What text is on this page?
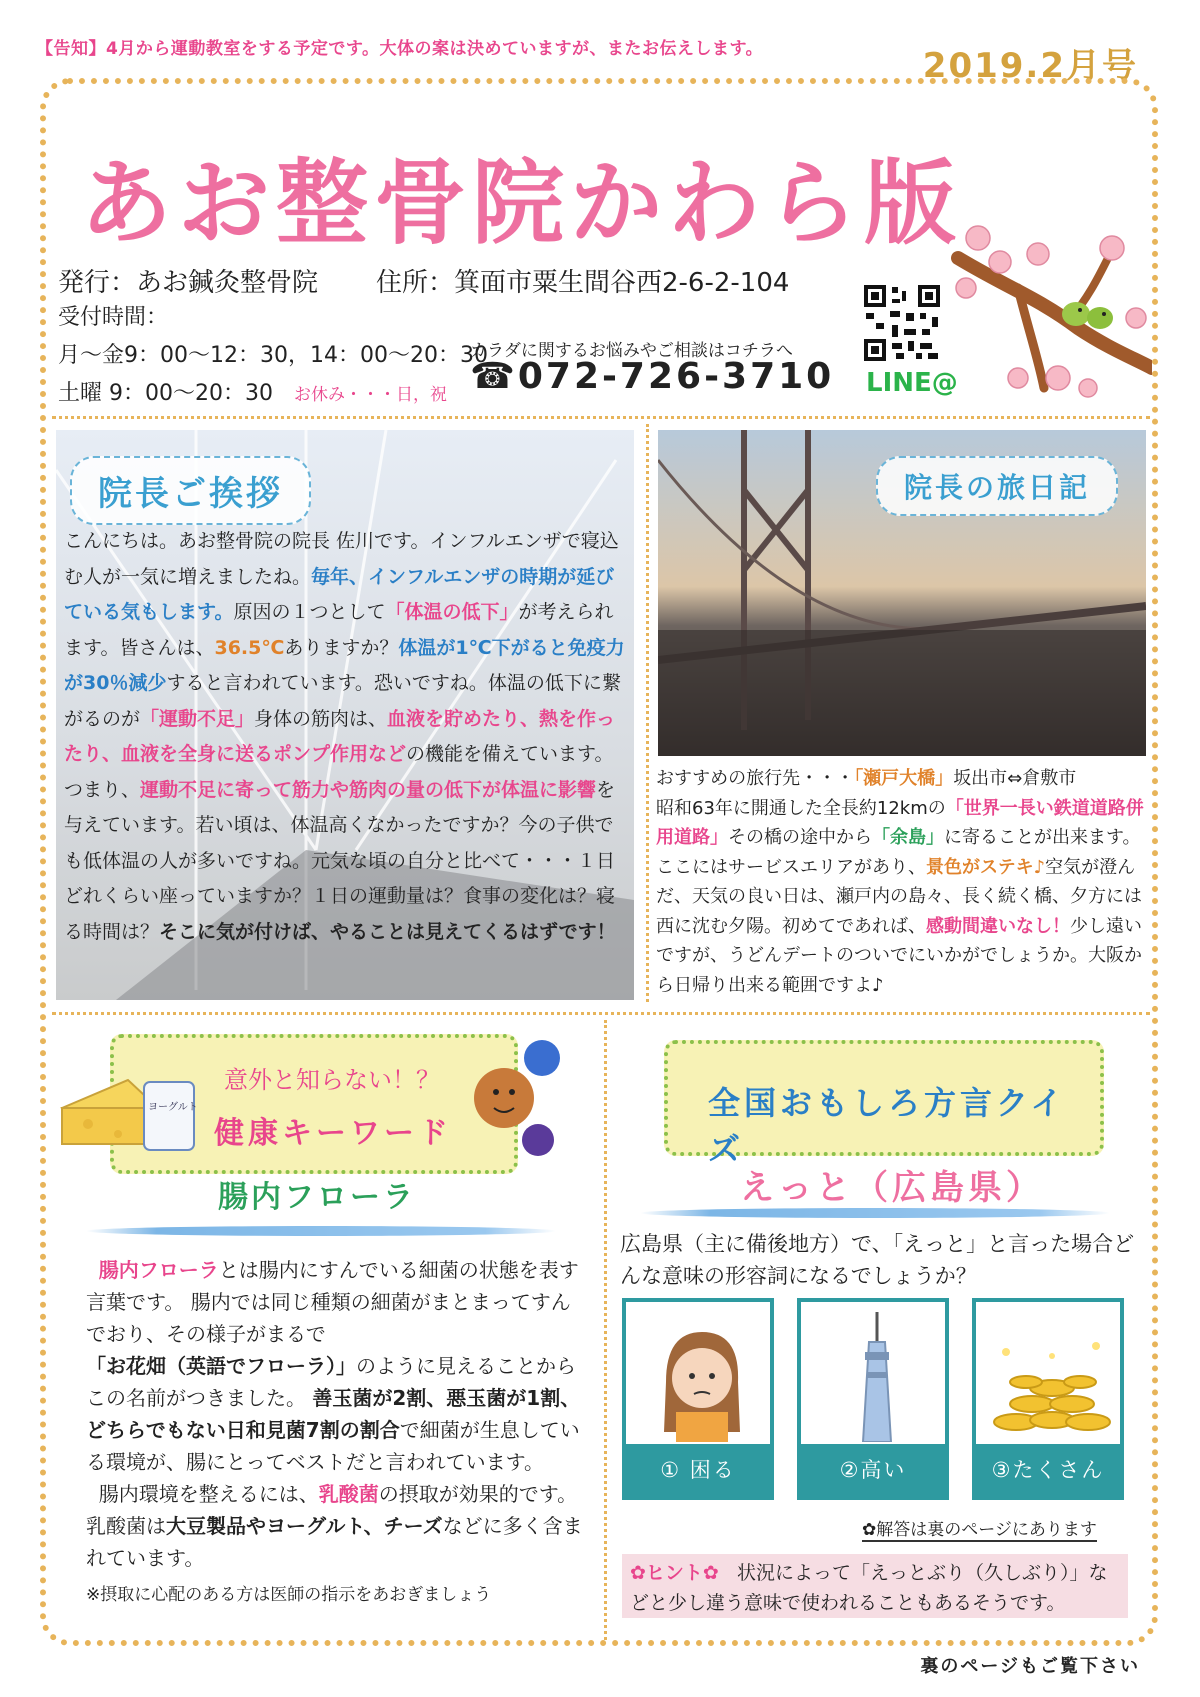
【告知】4月から運動教室をする予定です。大体の案は決めていますが、またお伝えします。	2019.2月号
あお整骨院かわら版
発行：あお鍼灸整骨院 住所：箕面市粟生間谷西2-6-2-104
受付時間：
月～金9：00～12：30，14：00～20：30
土曜 9：00～20：30 お休み・・・日，祝
カラダに関するお悩みやご相談はコチラへ
☎072-726-3710 LINE@
院長ご挨拶
こんにちは。あお整骨院の院長 佐川です。インフルエンザで寝込む人が一気に増えましたね。毎年、インフルエンザの時期が延びている気もします。原因の１つとして「体温の低下」が考えられます。皆さんは、36.5℃ありますか？体温が1℃下がると免疫力が30％減少すると言われています。恐いですね。体温の低下に繋がるのが「運動不足」身体の筋肉は、血液を貯めたり、熱を作ったり、血液を全身に送るポンプ作用などの機能を備えています。つまり、運動不足に寄って筋力や筋肉の量の低下が体温に影響を与えています。若い頃は、体温高くなかったですか？今の子供でも低体温の人が多いですね。元気な頃の自分と比べて・・・１日どれくらい座っていますか？１日の運動量は？食事の変化は？寝る時間は？そこに気が付けば、やることは見えてくるはずです！
院長の旅日記
おすすめの旅行先・・・「瀬戸大橋」坂出市⇔倉敷市
昭和63年に開通した全長約12kmの「世界一長い鉄道道路併用道路」その橋の途中から「余島」に寄ることが出来ます。ここにはサービスエリアがあり、景色がステキ♪空気が澄んだ、天気の良い日は、瀬戸内の島々、長く続く橋、夕方には西に沈む夕陽。初めてであれば、感動間違いなし！少し遠いですが、うどんデートのついでにいかがでしょうか。大阪から日帰り出来る範囲ですよ♪
意外と知らない！？
健康キーワード
ヨーグルト
腸内フローラ
腸内フローラとは腸内にすんでいる細菌の状態を表す言葉です。 腸内では同じ種類の細菌がまとまってすんでおり、その様子がまるで「お花畑（英語でフローラ）」のように見えることからこの名前がつきました。 善玉菌が2割、悪玉菌が1割、どちらでもない日和見菌7割の割合で細菌が生息している環境が、腸にとってベストだと言われています。
腸内環境を整えるには、乳酸菌の摂取が効果的です。 乳酸菌は大豆製品やヨーグルト、チーズなどに多く含まれています。
※摂取に心配のある方は医師の指示をあおぎましょう
全国おもしろ方言クイズ
えっと（広島県）
広島県（主に備後地方）で、「えっと」と言った場合どんな意味の形容詞になるでしょうか？
① 困る	②高い	③たくさん
✿解答は裏のページにあります
✿ヒント✿ 状況によって「えっとぶり（久しぶり）」などと少し違う意味で使われることもあるそうです。
裏のページもご覧下さい
